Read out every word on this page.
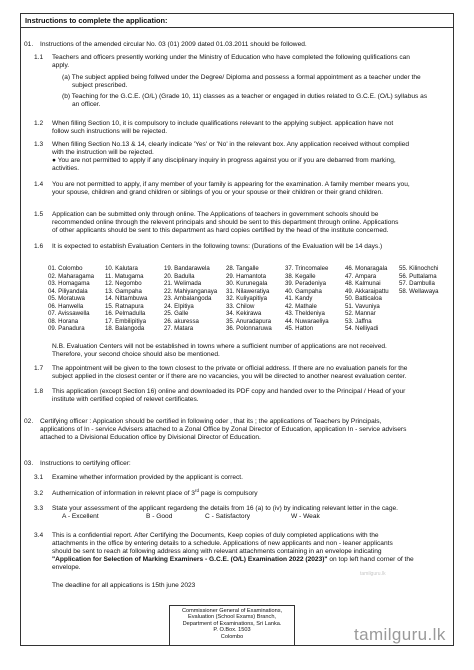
Instructions to complete the application:
01. Instructions of the amended circular No. 03 (01) 2009 dated 01.03.2011 should be followed.
1.1 Teachers and officers presently working under the Ministry of Education who have completed the following qulifications can
apply.
(a) The subject applied being follwed under the Degree/ Diploma and possess a formal appointment as a teacher under the
subject prescribed.
(b) Teaching for the G.C.E. (O/L) (Grade 10, 11) classes as a teacher or engaged in duties related to G.C.E. (O/L) syllabus as
an officer.
1.2 When filling Section 10, it is compulsory to include qualifications relevant to the applying subject. application have not
follow such instructions will be rejected.
1.3 When filling Section No.13 & 14, clearly indicate 'Yes' or 'No' in the relevant box. Any application received without complied
with the instruction will be rejected.
● You are not permitted to apply if any disciplinary inquiry in progress against you or if you are debarred from marking,
activities.
1.4 You are not permitted to apply, if any member of your family is appearing for the examination. A family member means you,
your spouse, children and grand children or siblings of you or your spouse or their children or their grand children.
1.5 Application can be submitted only through online. The Applications of teachers in government schools should be
recommended online through the relevent principals and should be sent to this department through online. Applications
of other applicants should be sent to this department as hard copies certified by the head of the institute concerned.
1.6 It is expected to establish Evaluation Centers in the following towns: (Durations of the Evaluation will be 14 days.)
01. Colombo
02. Maharagama
03. Homagama
04. Piliyandala
05. Moratuwa
06. Hanwella
07. Avissawella
08. Horana
09. Panadura
10. Kalutara
11. Matugama
12. Negombo
13. Gampaha
14. Nittambuwa
15. Ratnapura
16. Pelmadulla
17. Embilipitiya
18. Balangoda
19. Bandarawela
20. Badulla
21. Welimada
22. Mahiyanganaya
23. Ambalangoda
24. Elpitiya
25. Galle
26. akuressa
27. Matara
28. Tangalle
29. Hamantota
30. Kurunegala
31. Nilaweratiya
32. Kuliyapitiya
33. Chilow
34. Kekirawa
35. Anuradapura
36. Polonnaruwa
37. Trincomalee
38. Kegalle
39. Peradeniya
40. Gampaha
41. Kandy
42. Mathale
43. Theldeniya
44. Nuwaraeliya
45. Hatton
46. Monaragala
47. Ampara
48. Kalmunai
49. Akkaraipattu
50. Batticaloa
51. Vavuniya
52. Mannar
53. Jaffna
54. Nelliyadi
55. Kilinochchi
56. Puttalama
57. Dambulla
58. Wellawaya
N.B. Evaluation Centers will not be established in towns where a sufficient number of applications are not received.
Therefore, your second choice should also be mentioned.
1.7 The appointment will be given to the town closest to the private or official address. If there are no evaluation panels for the
subject applied in the closest center or if there are no vacancies, you will be directed to another nearest evaluation center.
1.8 This application (except Section 16) online and downloaded its PDF copy and handed over to the Principal / Head of your
institute with certified copied of relevet certificates.
02. Certifying officer : Appication should be certified in following oder , that its ; the applications of Teachers by Principals,
applications of In - service Advisers attached to a Zonal Office by Zonal Director of Education, application In - service advisers
attached to a Divisional Education office by Divisional Director of Education.
03. Instructions to certifying officer:
3.1 Examine whether information provided by the applicant is correct.
3.2 Authernication of information in relevnt place of 3rd page is compulsory
3.3 State your assessment of the applicant regardeng the details from 16 (a) to (iv) by indicating relevant letter in the cage.
A - Excellent	B - Good	C - Satisfactory	W - Weak
3.4 This is a confidential report. After Certifying the Documents, Keep copies of duly completed applications with the
attachments in the office by entering details to a schedule. Applications of new applicants and non - leaner applicants
should be sent to reach at following address along with relevant attachments containing in an envelope indicating
"Application for Selection of Marking Examiners - G.C.E. (O/L) Examination 2022 (2023)" on top left hand corner of the
envelope.
tamilguru.lk
The deadline for all appications is 15th june 2023
Commissioner General of Examinations,
Evaluation (School Exams) Branch,
Department of Examinations, Sri Lanka.
P. O.Box. 1503
Colombo	tamilguru.lk
